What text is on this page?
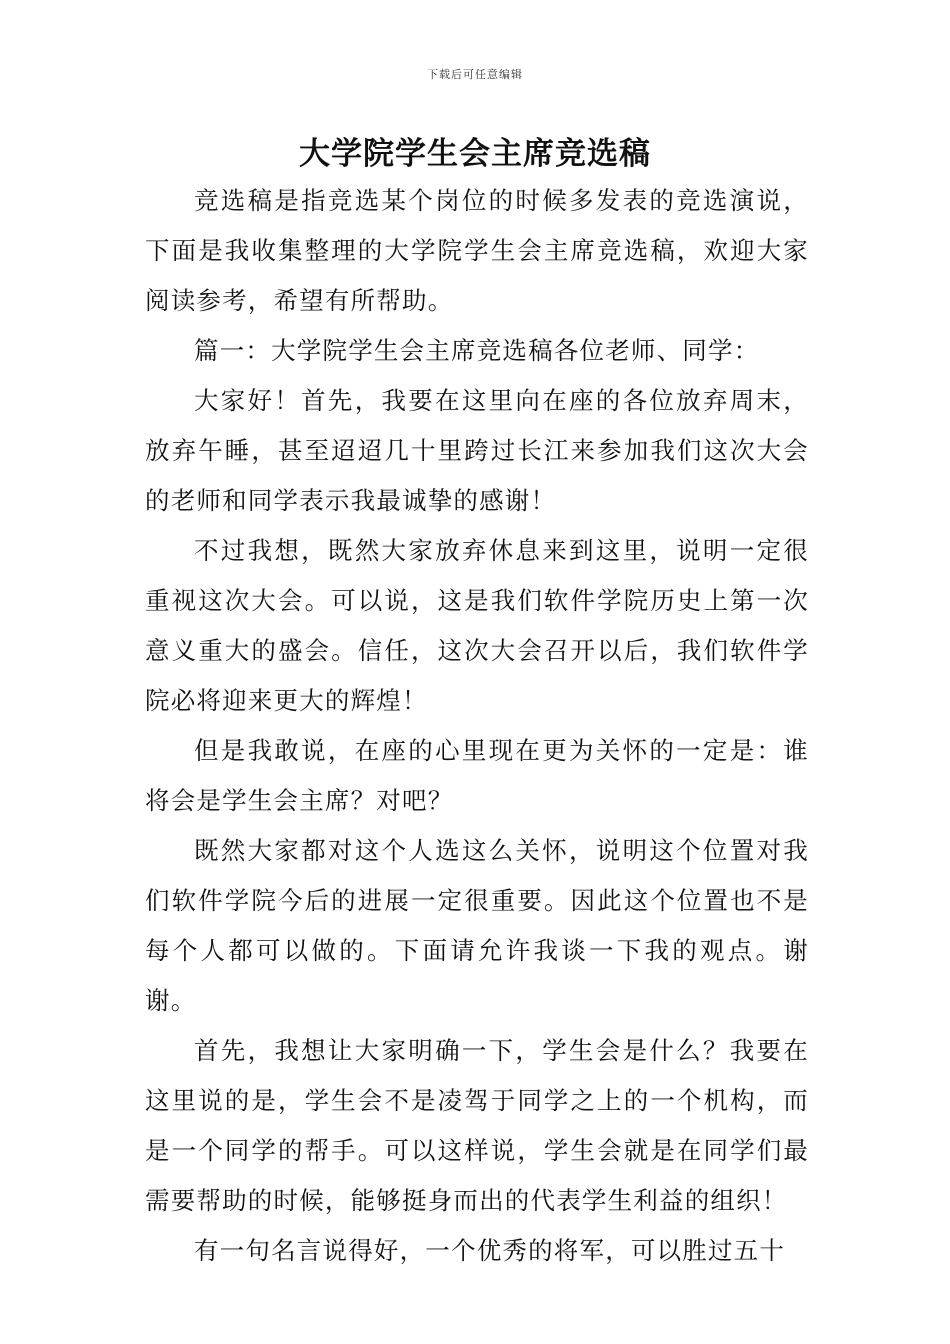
下载后可任意编辑
大学院学生会主席竞选稿

竞选稿是指竞选某个岗位的时候多发表的竞选演说，下面是我收集整理的大学院学生会主席竞选稿，欢迎大家阅读参考，希望有所帮助。

篇一：大学院学生会主席竞选稿各位老师、同学：

大家好！首先，我要在这里向在座的各位放弃周末，放弃午睡，甚至迢迢几十里跨过长江来参加我们这次大会的老师和同学表示我最诚挚的感谢！

不过我想，既然大家放弃休息来到这里，说明一定很重视这次大会。可以说，这是我们软件学院历史上第一次意义重大的盛会。信任，这次大会召开以后，我们软件学院必将迎来更大的辉煌！

但是我敢说，在座的心里现在更为关怀的一定是：谁将会是学生会主席？对吧？

既然大家都对这个人选这么关怀，说明这个位置对我们软件学院今后的进展一定很重要。因此这个位置也不是每个人都可以做的。下面请允许我谈一下我的观点。谢谢。

首先，我想让大家明确一下，学生会是什么？我要在这里说的是，学生会不是凌驾于同学之上的一个机构，而是一个同学的帮手。可以这样说，学生会就是在同学们最需要帮助的时候，能够挺身而出的代表学生利益的组织！

有一句名言说得好，一个优秀的将军，可以胜过五十
